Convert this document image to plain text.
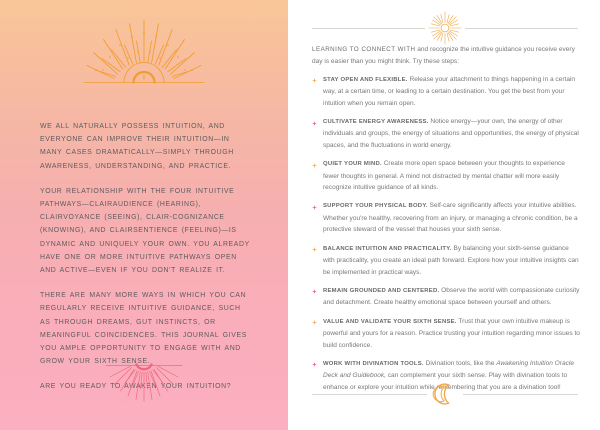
WE ALL NATURALLY POSSESS INTUITION, AND EVERYONE CAN IMPROVE THEIR INTUITION—IN MANY CASES DRAMATICALLY—SIMPLY THROUGH AWARENESS, UNDERSTANDING, AND PRACTICE.

YOUR RELATIONSHIP WITH THE FOUR INTUITIVE PATHWAYS—CLAIRAUDIENCE (HEARING), CLAIRVOYANCE (SEEING), CLAIR-COGNIZANCE (KNOWING), AND CLAIRSENTIENCE (FEELING)—IS DYNAMIC AND UNIQUELY YOUR OWN. YOU ALREADY HAVE ONE OR MORE INTUITIVE PATHWAYS OPEN AND ACTIVE—EVEN IF YOU DON'T REALIZE IT.

THERE ARE MANY MORE WAYS IN WHICH YOU CAN REGULARLY RECEIVE INTUITIVE GUIDANCE, SUCH AS THROUGH DREAMS, GUT INSTINCTS, OR MEANINGFUL COINCIDENCES. THIS JOURNAL GIVES YOU AMPLE OPPORTUNITY TO ENGAGE WITH AND GROW YOUR SIXTH SENSE.

ARE YOU READY TO AWAKEN YOUR INTUITION?

LEARNING TO CONNECT WITH and recognize the intuitive guidance you receive every day is easier than you might think. Try these steps:

STAY OPEN AND FLEXIBLE. Release your attachment to things happening in a certain way, at a certain time, or leading to a certain destination. You get the best from your intuition when you remain open.
CULTIVATE ENERGY AWARENESS. Notice energy—your own, the energy of other individuals and groups, the energy of situations and opportunities, the energy of physical spaces, and the fluctuations in world energy.
QUIET YOUR MIND. Create more open space between your thoughts to experience fewer thoughts in general. A mind not distracted by mental chatter will more easily recognize intuitive guidance of all kinds.
SUPPORT YOUR PHYSICAL BODY. Self-care significantly affects your intuitive abilities. Whether you're healthy, recovering from an injury, or managing a chronic condition, be a protective steward of the vessel that houses your sixth sense.
BALANCE INTUITION AND PRACTICALITY. By balancing your sixth-sense guidance with practicality, you create an ideal path forward. Explore how your intuitive insights can be implemented in practical ways.
REMAIN GROUNDED AND CENTERED. Observe the world with compassionate curiosity and detachment. Create healthy emotional space between yourself and others.
VALUE AND VALIDATE YOUR SIXTH SENSE. Trust that your own intuitive makeup is powerful and yours for a reason. Practice trusting your intuition regarding minor issues to build confidence.
WORK WITH DIVINATION TOOLS. Divination tools, like the Awakening Intuition Oracle Deck and Guidebook, can complement your sixth sense. Play with divination tools to enhance or explore your intuition while remembering that you are a divination tool!
